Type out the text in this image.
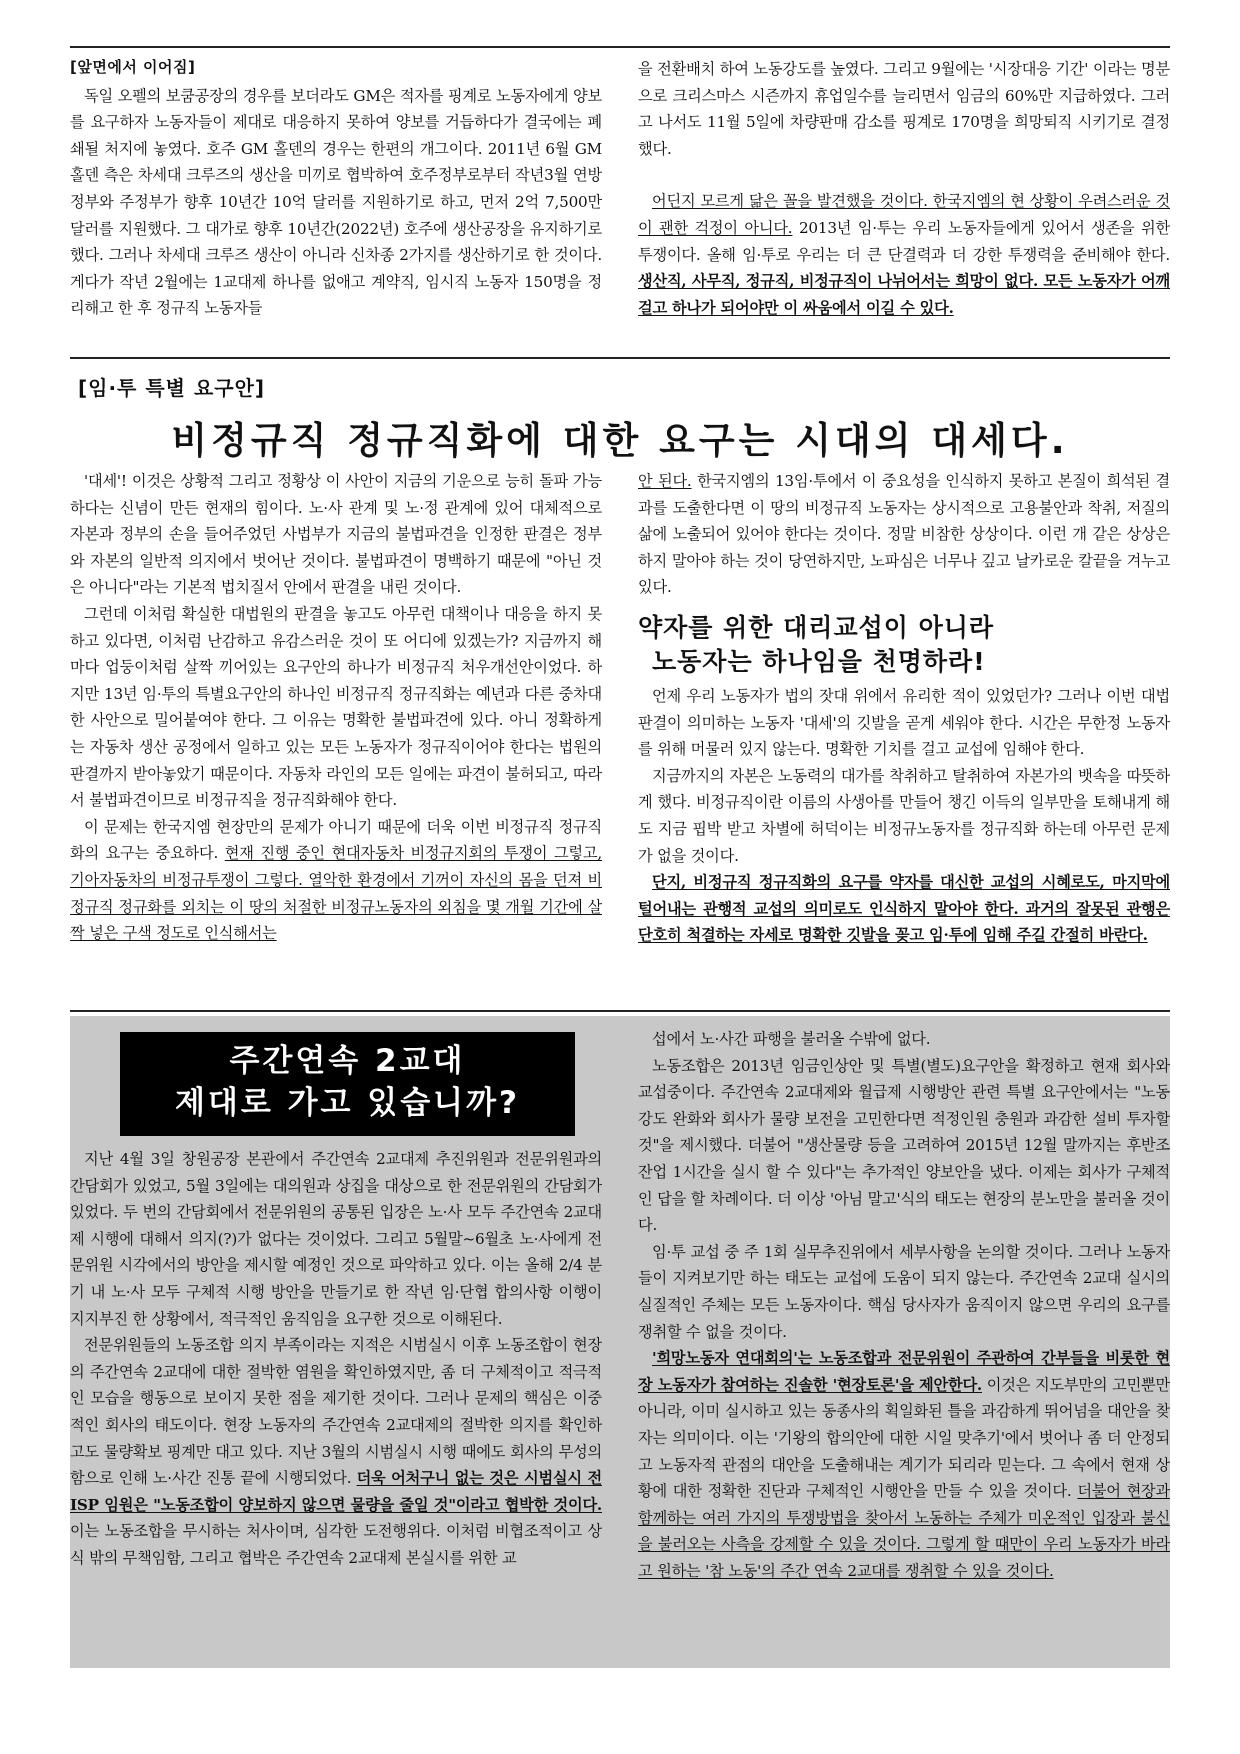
[앞면에서 이어짐]

독일 오펠의 보쿰공장의 경우를 보더라도 GM은 적자를 핑계로 노동자에게 양보를 요구하자 노동자들이 제대로 대응하지 못하여 양보를 거듭하다가 결국에는 폐쇄될 처지에 놓였다. 호주 GM 홀덴의 경우는 한편의 개그이다. 2011년 6월 GM 홀덴 측은 차세대 크루즈의 생산을 미끼로 협박하여 호주정부로부터 작년3월 연방정부와 주정부가 향후 10년간 10억 달러를 지원하기로 하고, 먼저 2억 7,500만 달러를 지원했다. 그 대가로 향후 10년간(2022년) 호주에 생산공장을 유지하기로 했다. 그러나 차세대 크루즈 생산이 아니라 신차종 2가지를 생산하기로 한 것이다. 게다가 작년 2월에는 1교대제 하나를 없애고 계약직, 임시직 노동자 150명을 정리해고 한 후 정규직 노동자들

을 전환배치 하여 노동강도를 높였다. 그리고 9월에는 '시장대응 기간' 이라는 명분으로 크리스마스 시즌까지 휴업일수를 늘리면서 임금의 60%만 지급하였다. 그러고 나서도 11월 5일에 차량판매 감소를 핑계로 170명을 희망퇴직 시키기로 결정했다.

어딘지 모르게 닮은 꼴을 발견했을 것이다. 한국지엠의 현 상황이 우려스러운 것이 괜한 걱정이 아니다. 2013년 임·투는 우리 노동자들에게 있어서 생존을 위한 투쟁이다. 올해 임·투로 우리는 더 큰 단결력과 더 강한 투쟁력을 준비해야 한다. 생산직, 사무직, 정규직, 비정규직이 나뉘어서는 희망이 없다. 모든 노동자가 어깨 걸고 하나가 되어야만 이 싸움에서 이길 수 있다.

[임·투 특별 요구안]
비정규직 정규직화에 대한 요구는 시대의 대세다.

'대세'! 이것은 상황적 그리고 정황상 이 사안이 지금의 기운으로 능히 돌파 가능하다는 신념이 만든 현재의 힘이다. 노·사 관계 및 노·정 관계에 있어 대체적으로 자본과 정부의 손을 들어주었던 사법부가 지금의 불법파견을 인정한 판결은 정부와 자본의 일반적 의지에서 벗어난 것이다. 불법파견이 명백하기 때문에 "아닌 것은 아니다"라는 기본적 법치질서 안에서 판결을 내린 것이다.

그런데 이처럼 확실한 대법원의 판결을 놓고도 아무런 대책이나 대응을 하지 못하고 있다면, 이처럼 난감하고 유감스러운 것이 또 어디에 있겠는가? 지금까지 해마다 업둥이처럼 살짝 끼어있는 요구안의 하나가 비정규직 처우개선안이었다. 하지만 13년 임·투의 특별요구안의 하나인 비정규직 정규직화는 예년과 다른 중차대한 사안으로 밀어붙여야 한다. 그 이유는 명확한 불법파견에 있다. 아니 정확하게는 자동차 생산 공정에서 일하고 있는 모든 노동자가 정규직이어야 한다는 법원의 판결까지 받아놓았기 때문이다. 자동차 라인의 모든 일에는 파견이 불허되고, 따라서 불법파견이므로 비정규직을 정규직화해야 한다.

이 문제는 한국지엠 현장만의 문제가 아니기 때문에 더욱 이번 비정규직 정규직화의 요구는 중요하다. 현재 진행 중인 현대자동차 비정규지회의 투쟁이 그렇고, 기아자동차의 비정규투쟁이 그렇다. 열악한 환경에서 기꺼이 자신의 몸을 던져 비정규직 정규화를 외치는 이 땅의 처절한 비정규노동자의 외침을 몇 개월 기간에 살짝 넣은 구색 정도로 인식해서는

안 된다. 한국지엠의 13임·투에서 이 중요성을 인식하지 못하고 본질이 희석된 결과를 도출한다면 이 땅의 비정규직 노동자는 상시적으로 고용불안과 착취, 저질의 삶에 노출되어 있어야 한다는 것이다. 정말 비참한 상상이다. 이런 개 같은 상상은 하지 말아야 하는 것이 당연하지만, 노파심은 너무나 깊고 날카로운 칼끝을 겨누고 있다.

약자를 위한 대리교섭이 아니라
노동자는 하나임을 천명하라!

언제 우리 노동자가 법의 잣대 위에서 유리한 적이 있었던가? 그러나 이번 대법판결이 의미하는 노동자 '대세'의 깃발을 곧게 세워야 한다. 시간은 무한정 노동자를 위해 머물러 있지 않는다. 명확한 기치를 걸고 교섭에 임해야 한다.

지금까지의 자본은 노동력의 대가를 착취하고 탈취하여 자본가의 뱃속을 따뜻하게 했다. 비정규직이란 이름의 사생아를 만들어 챙긴 이득의 일부만을 토해내게 해도 지금 핍박 받고 차별에 허덕이는 비정규노동자를 정규직화 하는데 아무런 문제가 없을 것이다.

단지, 비정규직 정규직화의 요구를 약자를 대신한 교섭의 시혜로도, 마지막에 털어내는 관행적 교섭의 의미로도 인식하지 말아야 한다. 과거의 잘못된 관행은 단호히 척결하는 자세로 명확한 깃발을 꽂고 임·투에 임해 주길 간절히 바란다.

주간연속 2교대
제대로 가고 있습니까?

지난 4월 3일 창원공장 본관에서 주간연속 2교대제 추진위원과 전문위원과의 간담회가 있었고, 5월 3일에는 대의원과 상집을 대상으로 한 전문위원의 간담회가 있었다. 두 번의 간담회에서 전문위원의 공통된 입장은 노·사 모두 주간연속 2교대제 시행에 대해서 의지(?)가 없다는 것이었다. 그리고 5월말~6월초 노·사에게 전문위원 시각에서의 방안을 제시할 예정인 것으로 파악하고 있다. 이는 올해 2/4 분기 내 노·사 모두 구체적 시행 방안을 만들기로 한 작년 임·단협 합의사항 이행이 지지부진 한 상황에서, 적극적인 움직임을 요구한 것으로 이해된다.

전문위원들의 노동조합 의지 부족이라는 지적은 시범실시 이후 노동조합이 현장의 주간연속 2교대에 대한 절박한 염원을 확인하였지만, 좀 더 구체적이고 적극적인 모습을 행동으로 보이지 못한 점을 제기한 것이다. 그러나 문제의 핵심은 이중적인 회사의 태도이다. 현장 노동자의 주간연속 2교대제의 절박한 의지를 확인하고도 물량확보 핑계만 대고 있다. 지난 3월의 시범실시 시행 때에도 회사의 무성의함으로 인해 노·사간 진통 끝에 시행되었다. 더욱 어처구니 없는 것은 시범실시 전 ISP 임원은 "노동조합이 양보하지 않으면 물량을 줄일 것"이라고 협박한 것이다. 이는 노동조합을 무시하는 처사이며, 심각한 도전행위다. 이처럼 비협조적이고 상식 밖의 무책임함, 그리고 협박은 주간연속 2교대제 본실시를 위한 교

섭에서 노·사간 파행을 불러올 수밖에 없다.

노동조합은 2013년 임금인상안 및 특별(별도)요구안을 확정하고 현재 회사와 교섭중이다. 주간연속 2교대제와 월급제 시행방안 관련 특별 요구안에서는 "노동강도 완화와 회사가 물량 보전을 고민한다면 적정인원 충원과 과감한 설비 투자할 것"을 제시했다. 더불어 "생산물량 등을 고려하여 2015년 12월 말까지는 후반조 잔업 1시간을 실시 할 수 있다"는 추가적인 양보안을 냈다. 이제는 회사가 구체적인 답을 할 차례이다. 더 이상 '아님 말고'식의 태도는 현장의 분노만을 불러올 것이다.

임·투 교섭 중 주 1회 실무추진위에서 세부사항을 논의할 것이다. 그러나 노동자들이 지켜보기만 하는 태도는 교섭에 도움이 되지 않는다. 주간연속 2교대 실시의 실질적인 주체는 모든 노동자이다. 핵심 당사자가 움직이지 않으면 우리의 요구를 쟁취할 수 없을 것이다.

'희망노동자 연대회의'는 노동조합과 전문위원이 주관하여 간부들을 비롯한 현장 노동자가 참여하는 진솔한 '현장토론'을 제안한다. 이것은 지도부만의 고민뿐만 아니라, 이미 실시하고 있는 동종사의 획일화된 틀을 과감하게 뛰어넘을 대안을 찾자는 의미이다. 이는 '기왕의 합의안에 대한 시일 맞추기'에서 벗어나 좀 더 안정되고 노동자적 관점의 대안을 도출해내는 계기가 되리라 믿는다. 그 속에서 현재 상황에 대한 정확한 진단과 구체적인 시행안을 만들 수 있을 것이다. 더불어 현장과 함께하는 여러 가지의 투쟁방법을 찾아서 노동하는 주체가 미온적인 입장과 불신을 불러오는 사측을 강제할 수 있을 것이다. 그렇게 할 때만이 우리 노동자가 바라고 원하는 '참 노동'의 주간 연속 2교대를 쟁취할 수 있을 것이다.
